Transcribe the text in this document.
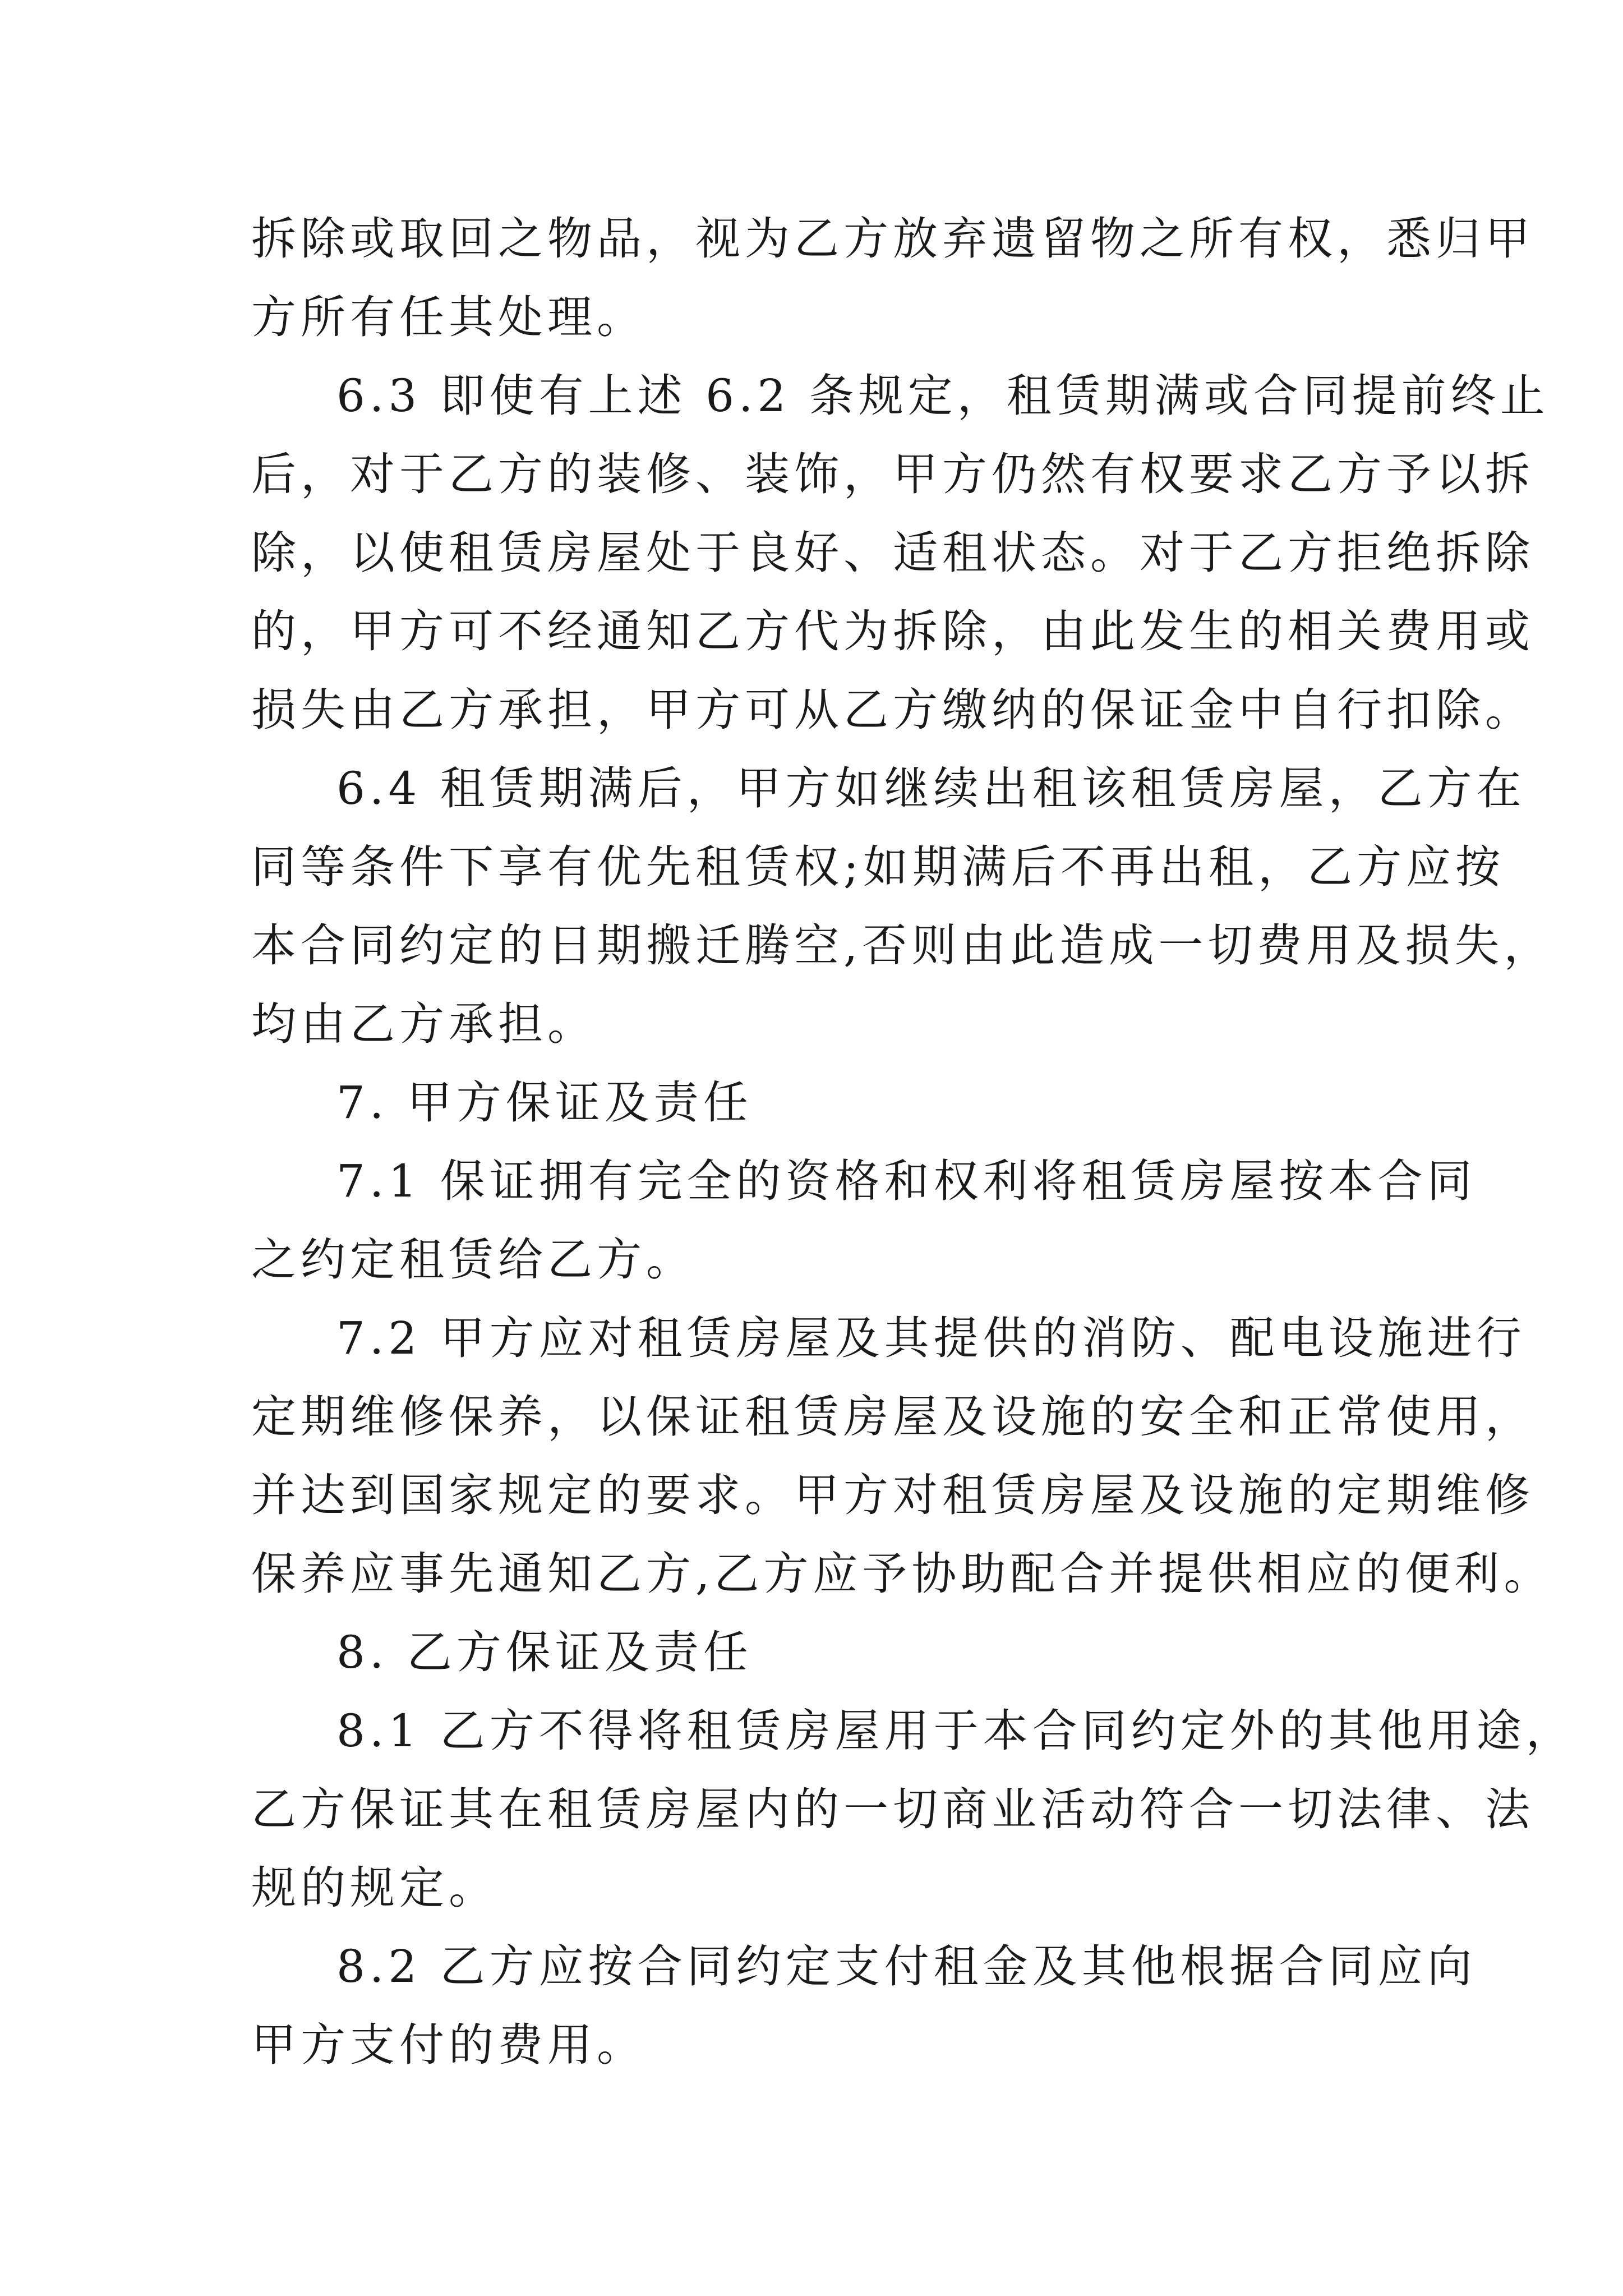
拆除或取回之物品，视为乙方放弃遗留物之所有权，悉归甲
方所有任其处理。
6.3 即使有上述 6.2 条规定，租赁期满或合同提前终止
后，对于乙方的装修、装饰，甲方仍然有权要求乙方予以拆
除，以使租赁房屋处于良好、适租状态。对于乙方拒绝拆除
的，甲方可不经通知乙方代为拆除，由此发生的相关费用或
损失由乙方承担，甲方可从乙方缴纳的保证金中自行扣除。
6.4 租赁期满后，甲方如继续出租该租赁房屋，乙方在
同等条件下享有优先租赁权;如期满后不再出租，乙方应按
本合同约定的日期搬迁腾空,否则由此造成一切费用及损失，
均由乙方承担。
7. 甲方保证及责任
7.1 保证拥有完全的资格和权利将租赁房屋按本合同
之约定租赁给乙方。
7.2 甲方应对租赁房屋及其提供的消防、配电设施进行
定期维修保养，以保证租赁房屋及设施的安全和正常使用，
并达到国家规定的要求。甲方对租赁房屋及设施的定期维修
保养应事先通知乙方,乙方应予协助配合并提供相应的便利。
8. 乙方保证及责任
8.1 乙方不得将租赁房屋用于本合同约定外的其他用途，
乙方保证其在租赁房屋内的一切商业活动符合一切法律、法
规的规定。
8.2 乙方应按合同约定支付租金及其他根据合同应向
甲方支付的费用。
